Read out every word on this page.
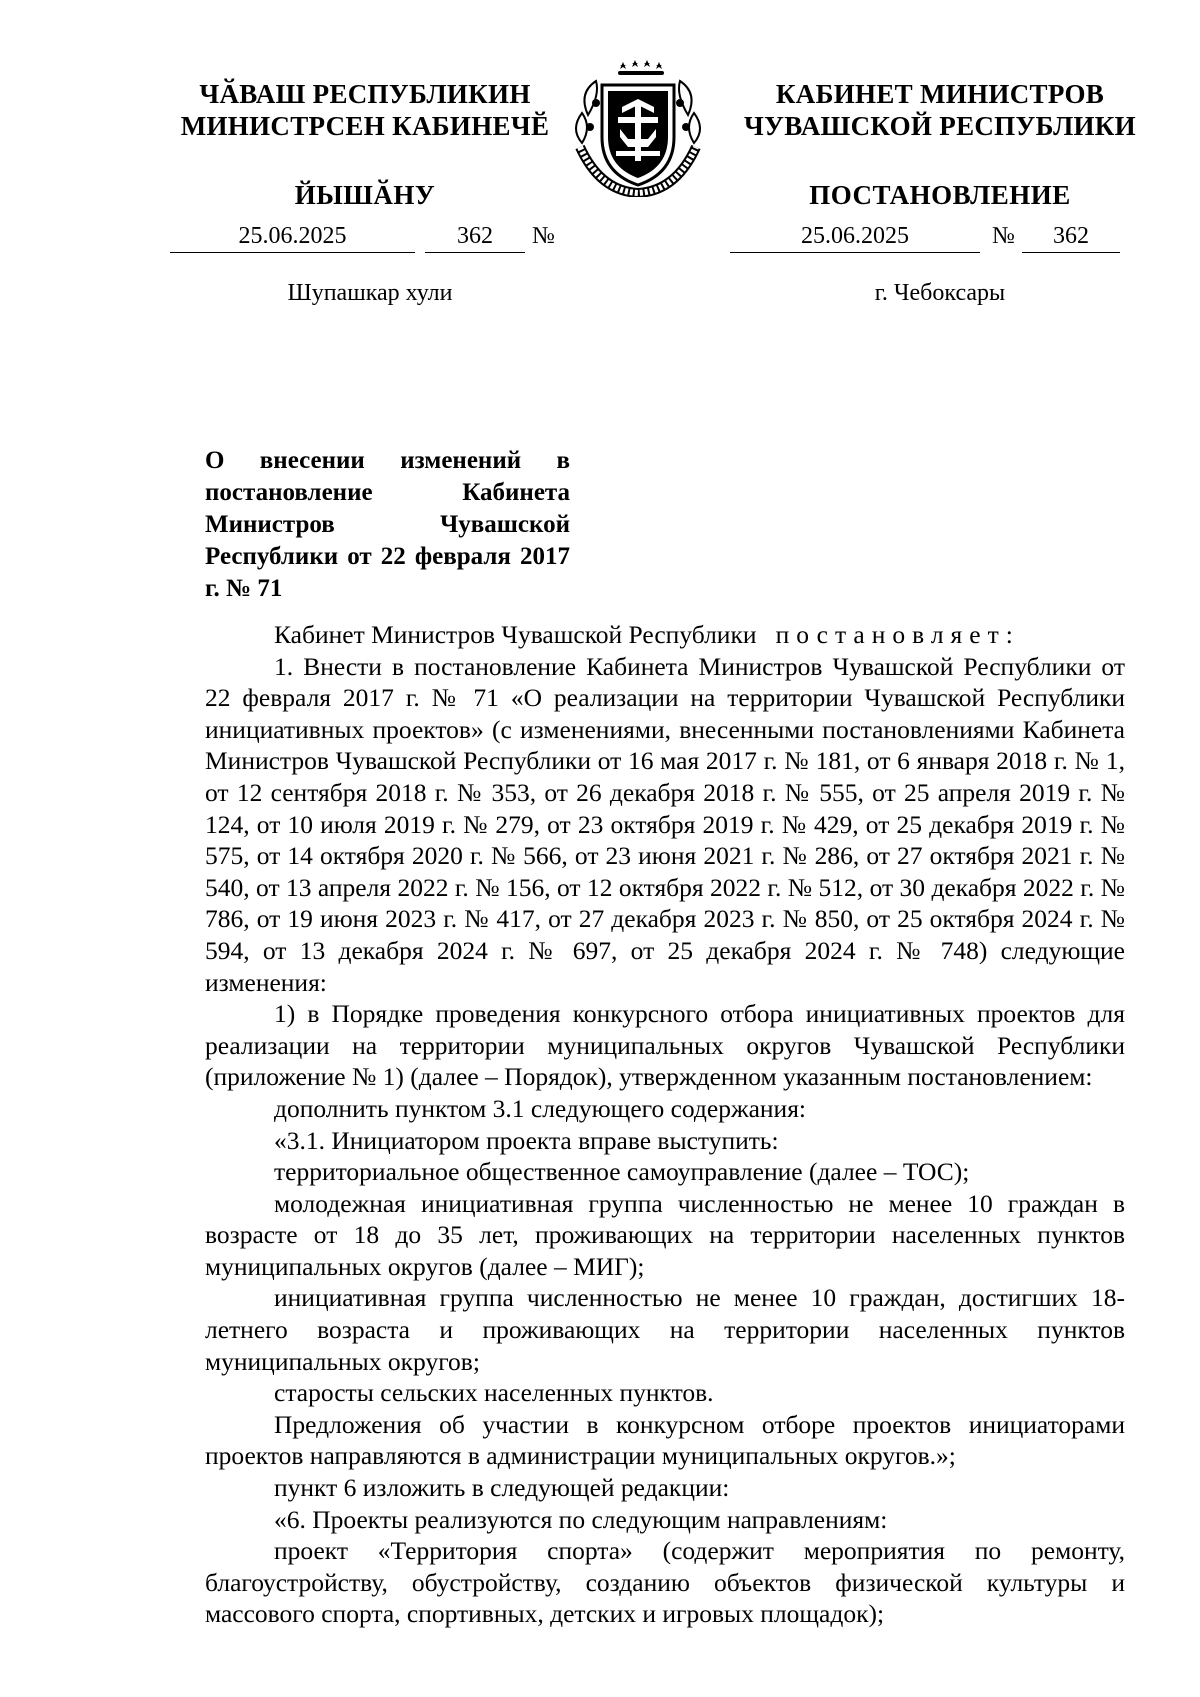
ЧӐВАШ РЕСПУБЛИКИН
МИНИСТРСЕН КАБИНЕЧӖ
ЙЫШӐНУ
КАБИНЕТ МИНИСТРОВ
ЧУВАШСКОЙ РЕСПУБЛИКИ
ПОСТАНОВЛЕНИЕ
25.06.2025	362	№	25.06.2025	№	362
Шупашкар хули	г. Чебоксары
О внесении изменений в постановление Кабинета Министров Чувашской Республики от 22 февраля 2017 г. № 71

Кабинет Министров Чувашской Республики постановляет:

1. Внести в постановление Кабинета Министров Чувашской Республики от 22 февраля 2017 г. № 71 «О реализации на территории Чувашской Республики инициативных проектов» (с изменениями, внесенными постановлениями Кабинета Министров Чувашской Республики от 16 мая 2017 г. № 181, от 6 января 2018 г. № 1, от 12 сентября 2018 г. № 353, от 26 декабря 2018 г. № 555, от 25 апреля 2019 г. № 124, от 10 июля 2019 г. № 279, от 23 октября 2019 г. № 429, от 25 декабря 2019 г. № 575, от 14 октября 2020 г. № 566, от 23 июня 2021 г. № 286, от 27 октября 2021 г. № 540, от 13 апреля 2022 г. № 156, от 12 октября 2022 г. № 512, от 30 декабря 2022 г. № 786, от 19 июня 2023 г. № 417, от 27 декабря 2023 г. № 850, от 25 октября 2024 г. № 594, от 13 декабря 2024 г. № 697, от 25 декабря 2024 г. № 748) следующие изменения:

1) в Порядке проведения конкурсного отбора инициативных проектов для реализации на территории муниципальных округов Чувашской Республики (приложение № 1) (далее – Порядок), утвержденном указанным постановлением:

дополнить пунктом 3.1 следующего содержания:

«3.1. Инициатором проекта вправе выступить:

территориальное общественное самоуправление (далее – ТОС);

молодежная инициативная группа численностью не менее 10 граждан в возрасте от 18 до 35 лет, проживающих на территории населенных пунктов муниципальных округов (далее – МИГ);

инициативная группа численностью не менее 10 граждан, достигших 18-летнего возраста и проживающих на территории населенных пунктов муниципальных округов;

старосты сельских населенных пунктов.

Предложения об участии в конкурсном отборе проектов инициаторами проектов направляются в администрации муниципальных округов.»;

пункт 6 изложить в следующей редакции:

«6. Проекты реализуются по следующим направлениям:

проект «Территория спорта» (содержит мероприятия по ремонту, благоустройству, обустройству, созданию объектов физической культуры и массового спорта, спортивных, детских и игровых площадок);
